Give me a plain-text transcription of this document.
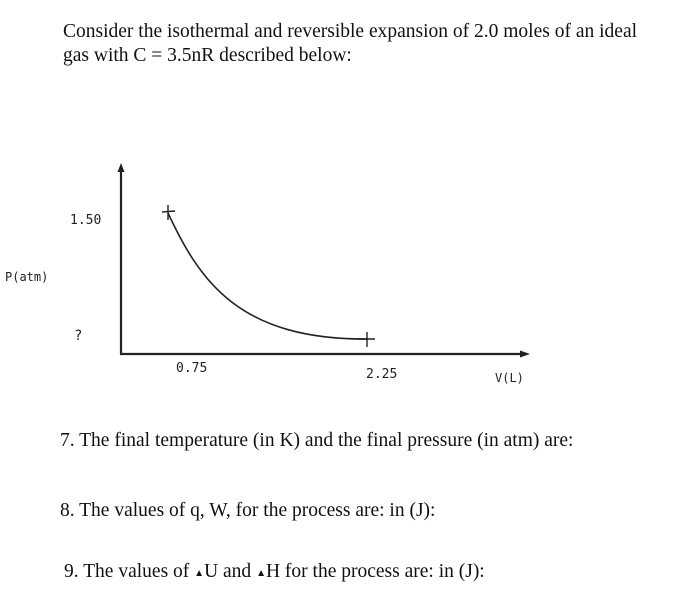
Consider the isothermal and reversible expansion of 2.0 moles of an ideal gas with C = 3.5nR described below:

1.50
?
P(atm)
0.75	2.25	V(L)

7. The final temperature (in K) and the final pressure (in atm) are:

8. The values of q, W, for the process are: in (J):

9. The values of ▲U and ▲H for the process are: in (J):
